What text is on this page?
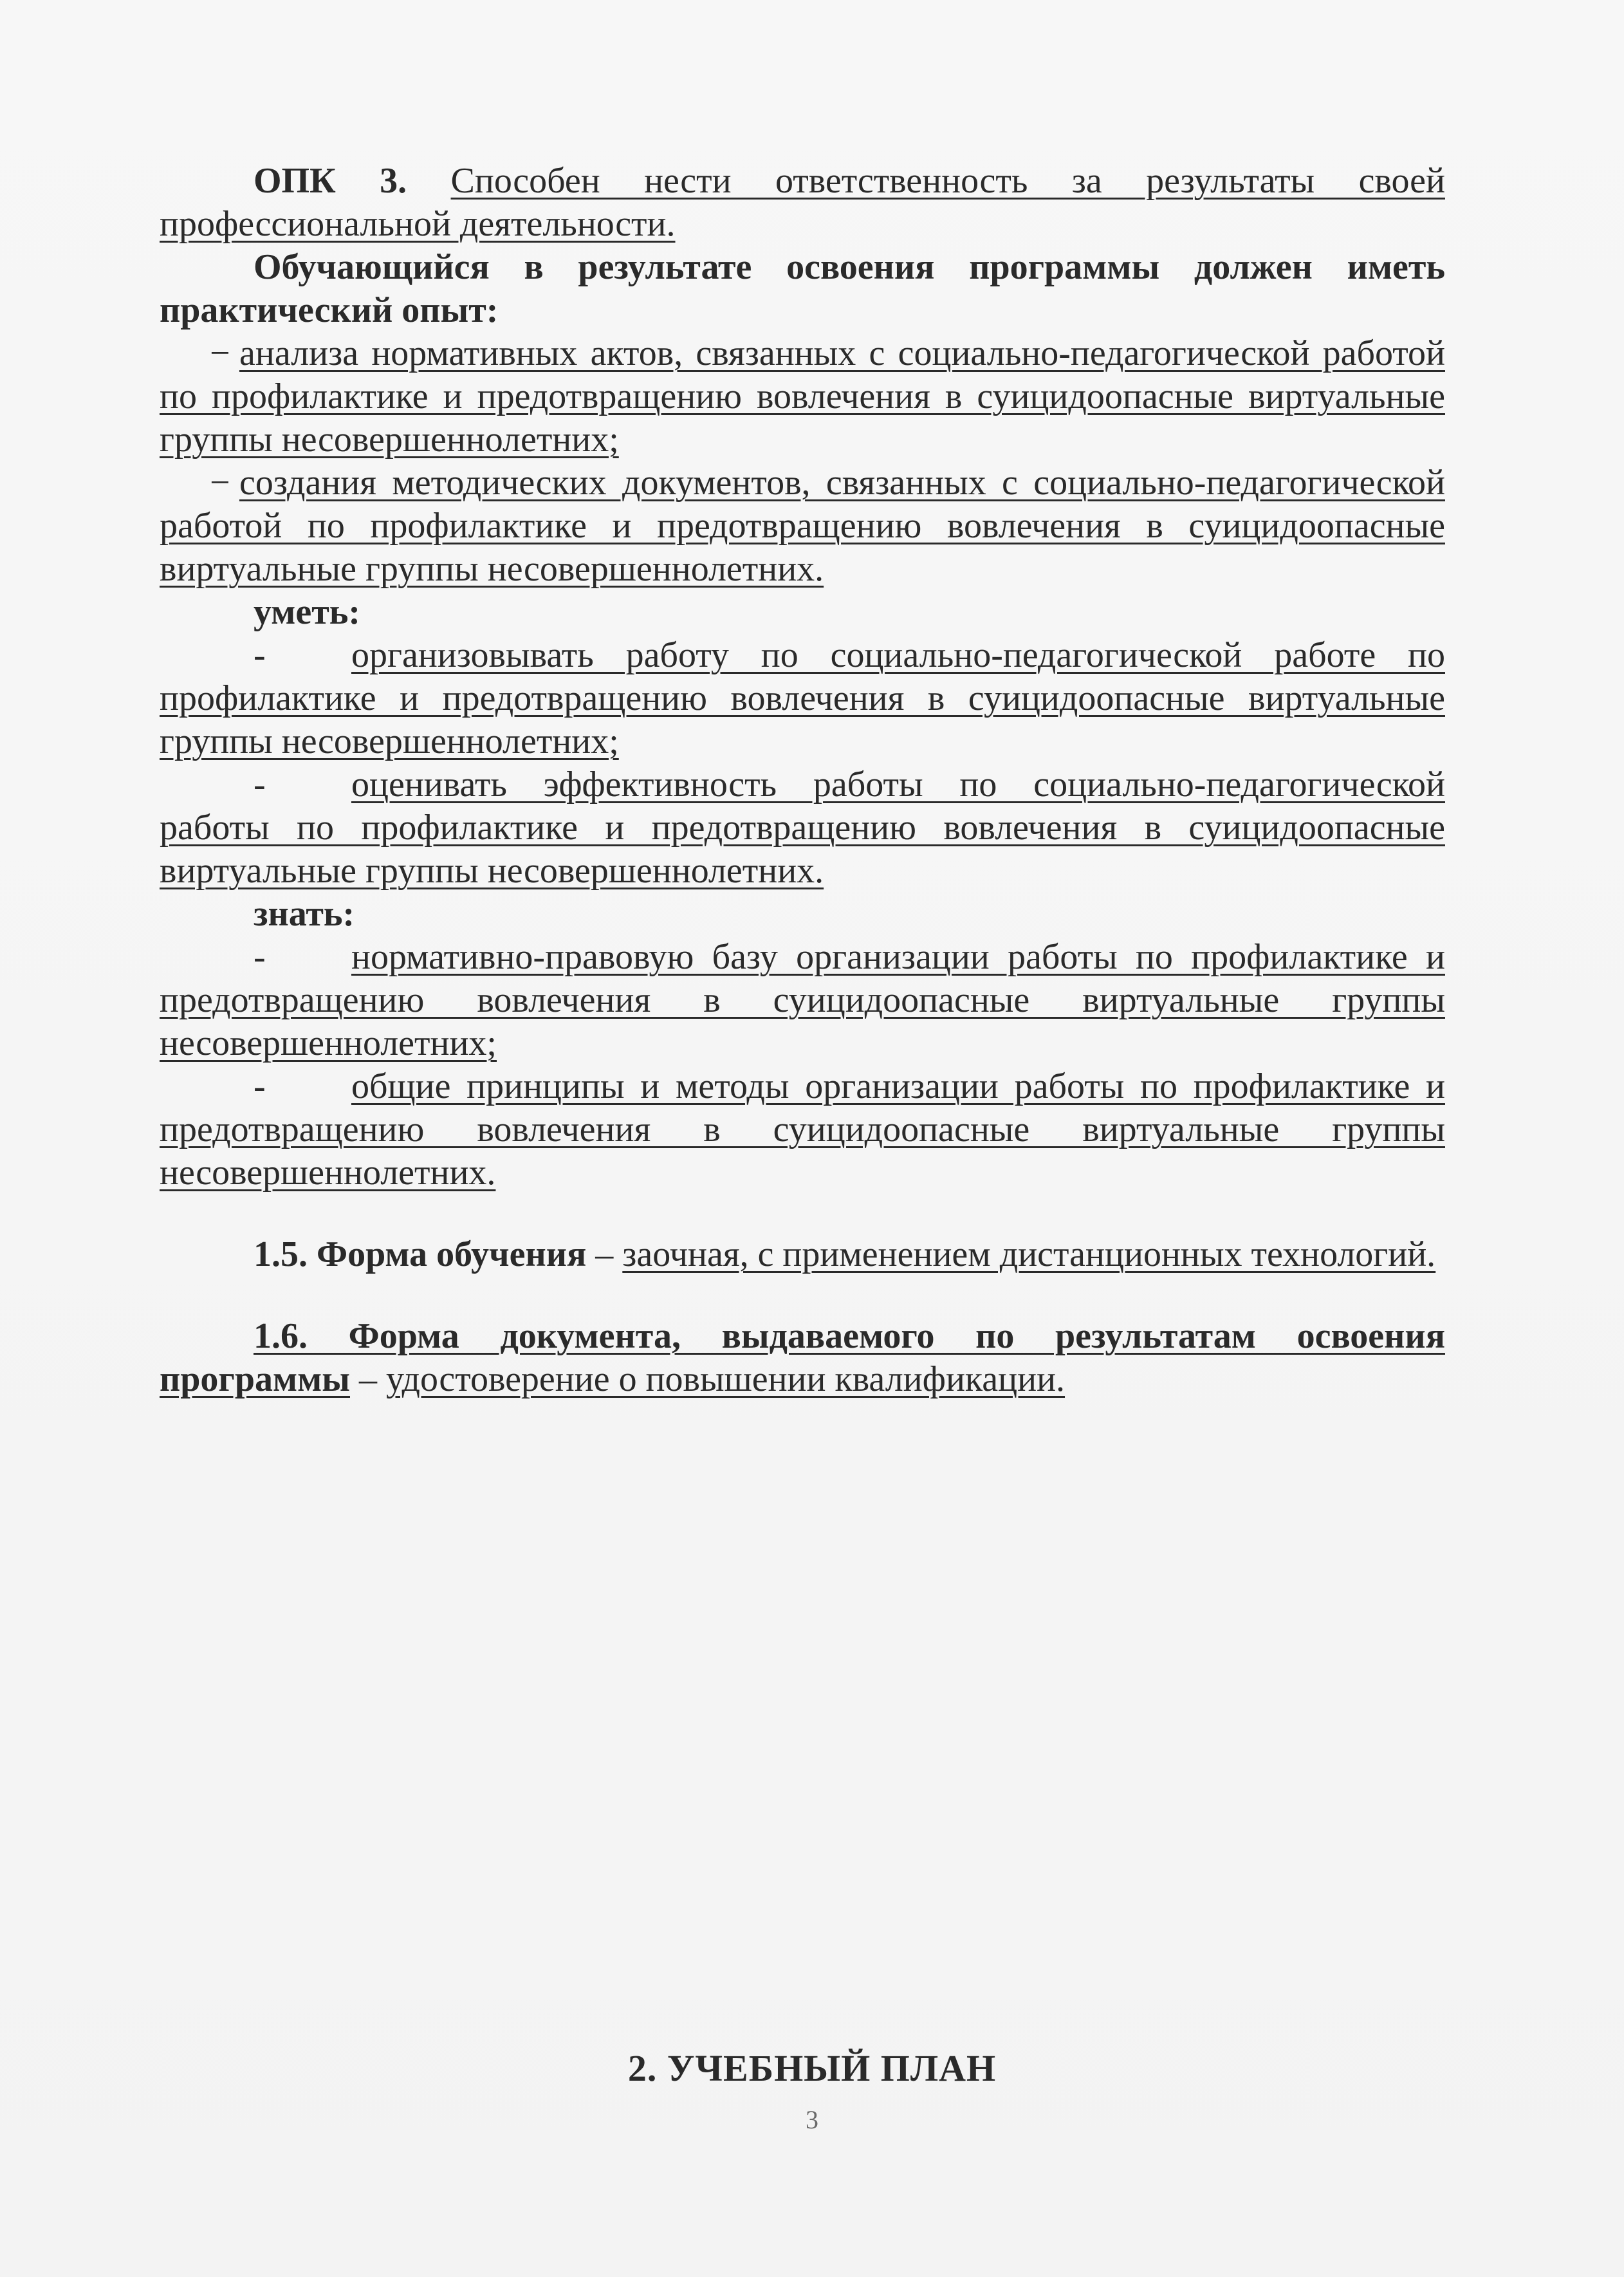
ОПК 3. Способен нести ответственность за результаты своей профессиональной деятельности.

Обучающийся в результате освоения программы должен иметь практический опыт:

− анализа нормативных актов, связанных с социально-педагогической работой по профилактике и предотвращению вовлечения в суицидоопасные виртуальные группы несовершеннолетних;

− создания методических документов, связанных с социально-педагогической работой по профилактике и предотвращению вовлечения в суицидоопасные виртуальные группы несовершеннолетних.

уметь:

- организовывать работу по социально-педагогической работе по профилактике и предотвращению вовлечения в суицидоопасные виртуальные группы несовершеннолетних;

- оценивать эффективность работы по социально-педагогической работы по профилактике и предотвращению вовлечения в суицидоопасные виртуальные группы несовершеннолетних.

знать:

- нормативно-правовую базу организации работы по профилактике и предотвращению вовлечения в суицидоопасные виртуальные группы несовершеннолетних;

- общие принципы и методы организации работы по профилактике и предотвращению вовлечения в суицидоопасные виртуальные группы несовершеннолетних.

1.5. Форма обучения – заочная, с применением дистанционных технологий.

1.6. Форма документа, выдаваемого по результатам освоения программы – удостоверение о повышении квалификации.

2. УЧЕБНЫЙ ПЛАН
3
